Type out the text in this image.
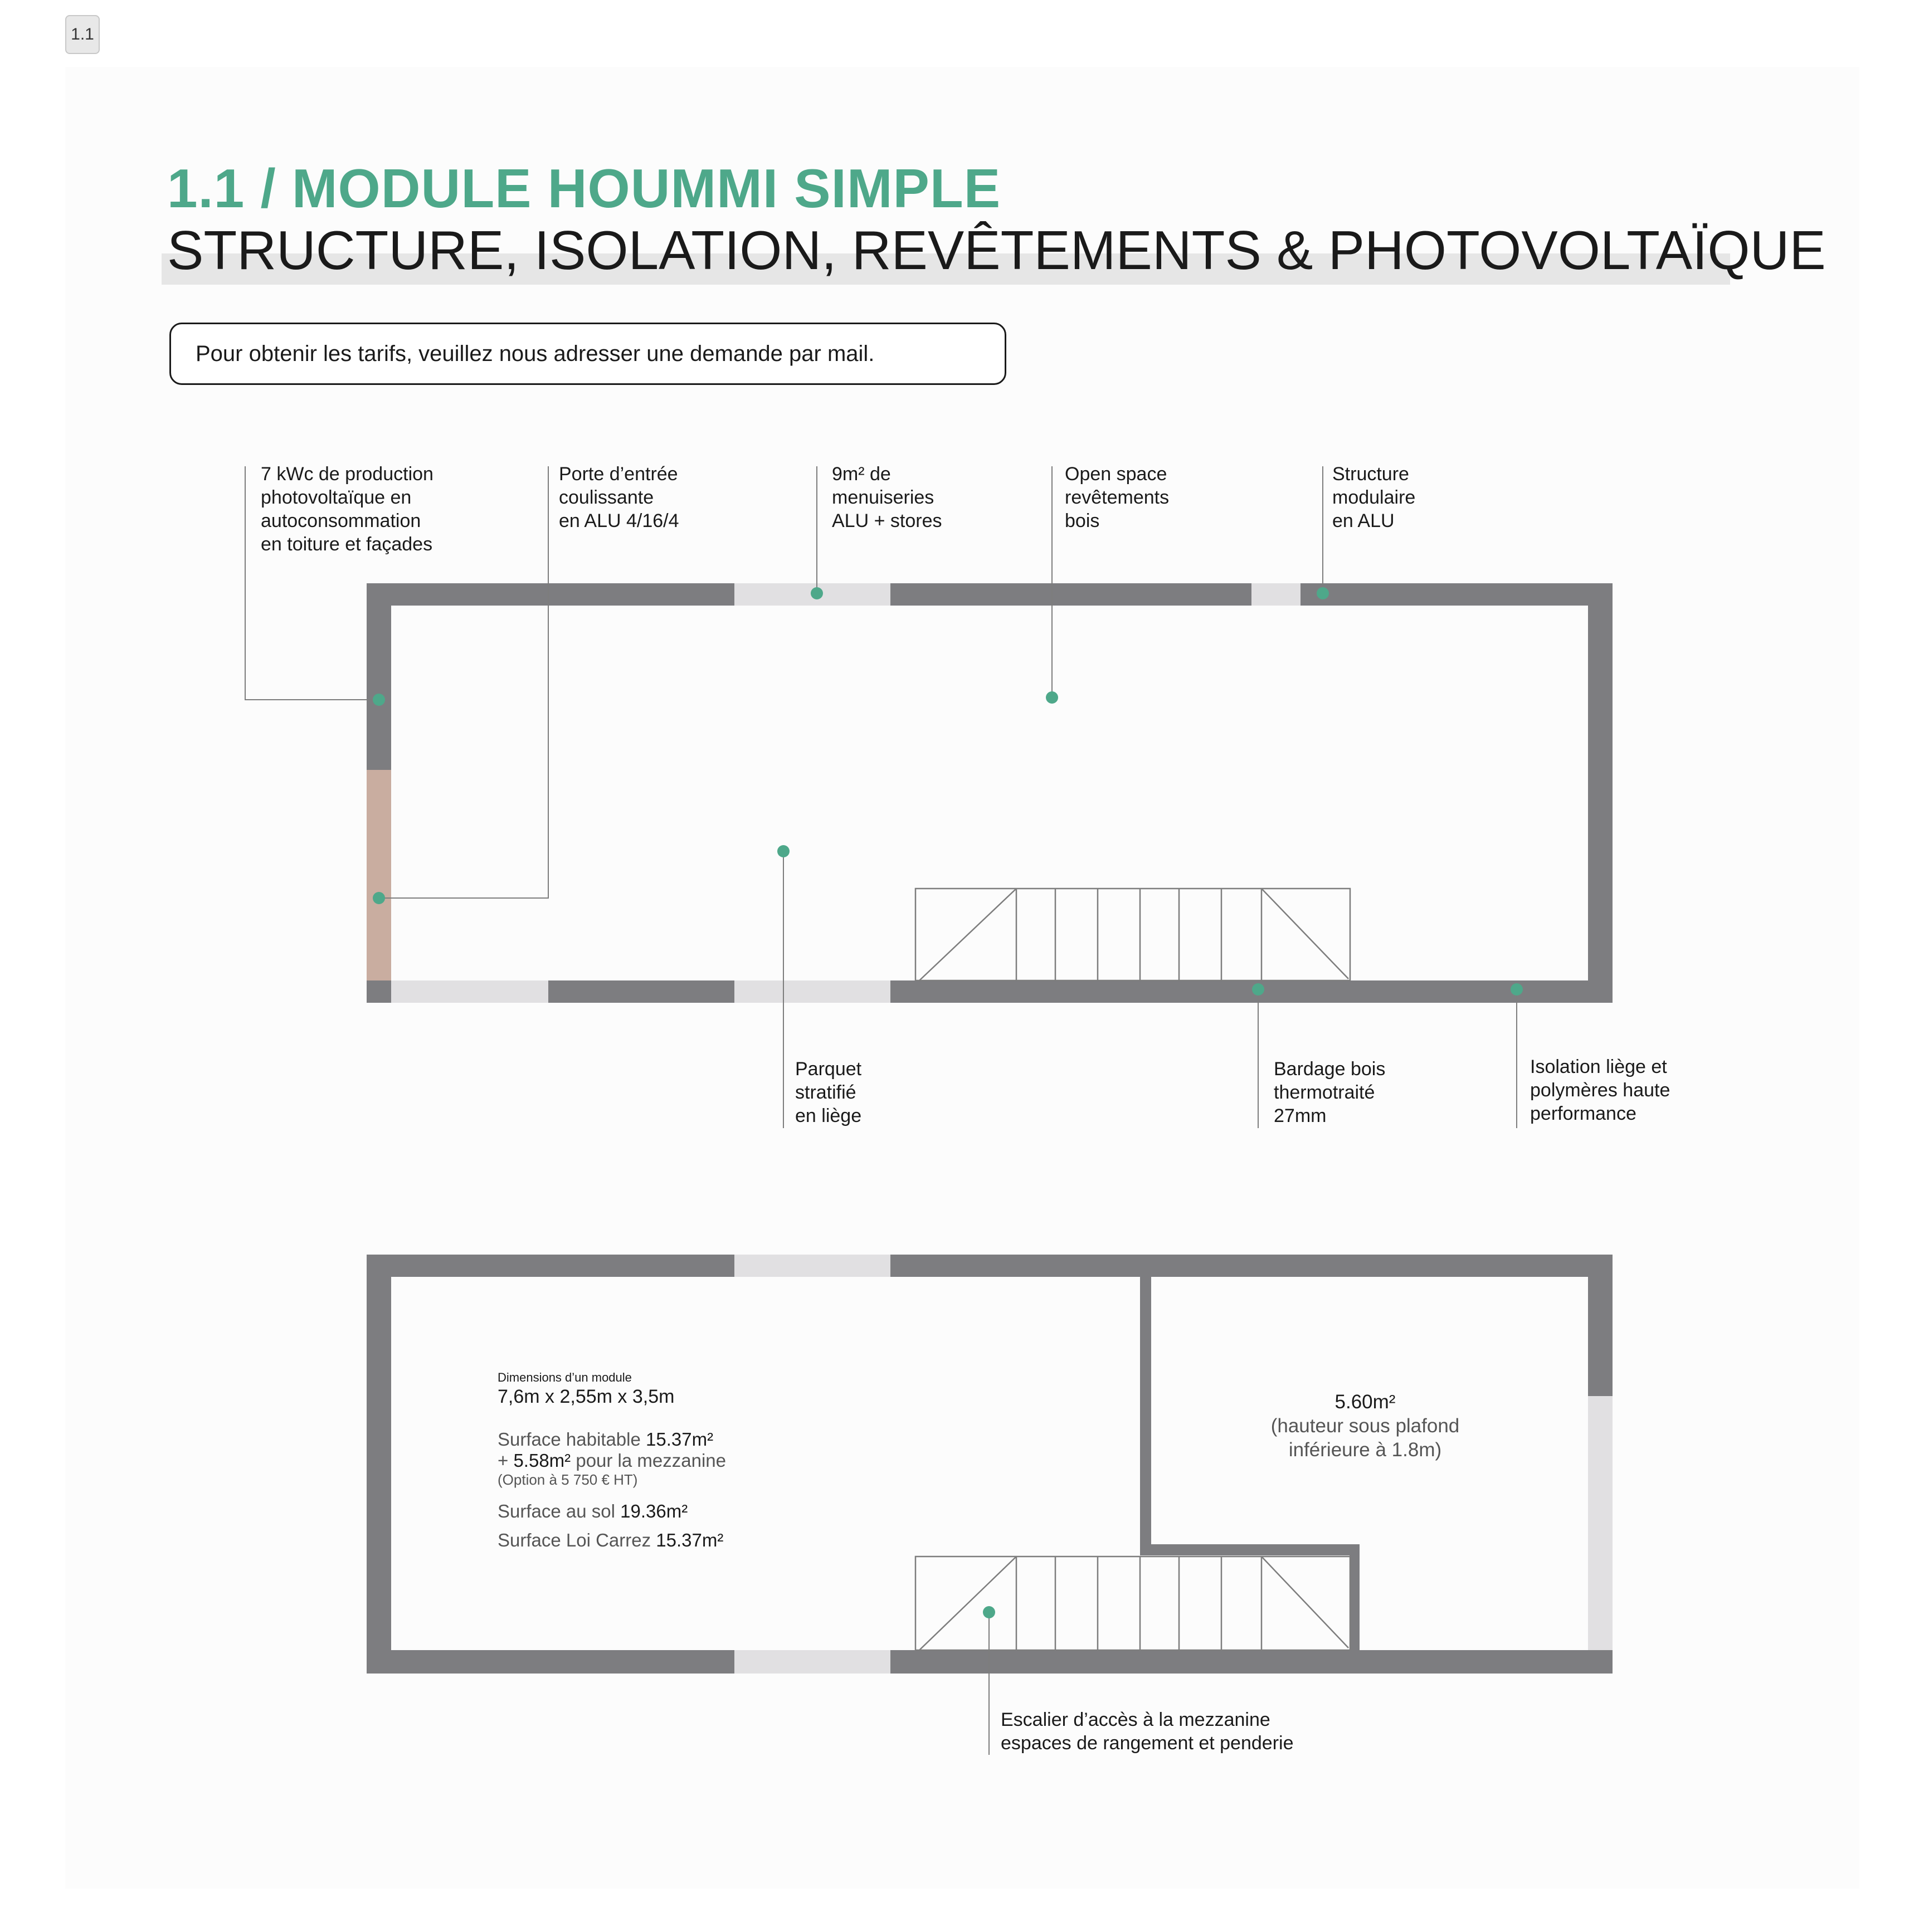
1.1
1.1 / MODULE HOUMMI SIMPLE
STRUCTURE, ISOLATION, REVÊTEMENTS & PHOTOVOLTAÏQUE
Pour obtenir les tarifs, veuillez nous adresser une demande par mail.
7 kWc de production
photovoltaïque en
autoconsommation
en toiture et façades
Porte d’entrée
coulissante
en ALU 4/16/4
9m² de
menuiseries
ALU + stores
Open space
revêtements
bois
Structure
modulaire
en ALU
Parquet
stratifié
en liège
Bardage bois
thermotraité
27mm
Isolation liège et
polymères haute
performance
Dimensions d’un module
7,6m x 2,55m x 3,5m
Surface habitable 15.37m²
+ 5.58m² pour la mezzanine
(Option à 5 750 € HT)
Surface au sol 19.36m²
Surface Loi Carrez 15.37m²
5.60m²
(hauteur sous plafond
inférieure à 1.8m)
Escalier d’accès à la mezzanine
espaces de rangement et penderie
